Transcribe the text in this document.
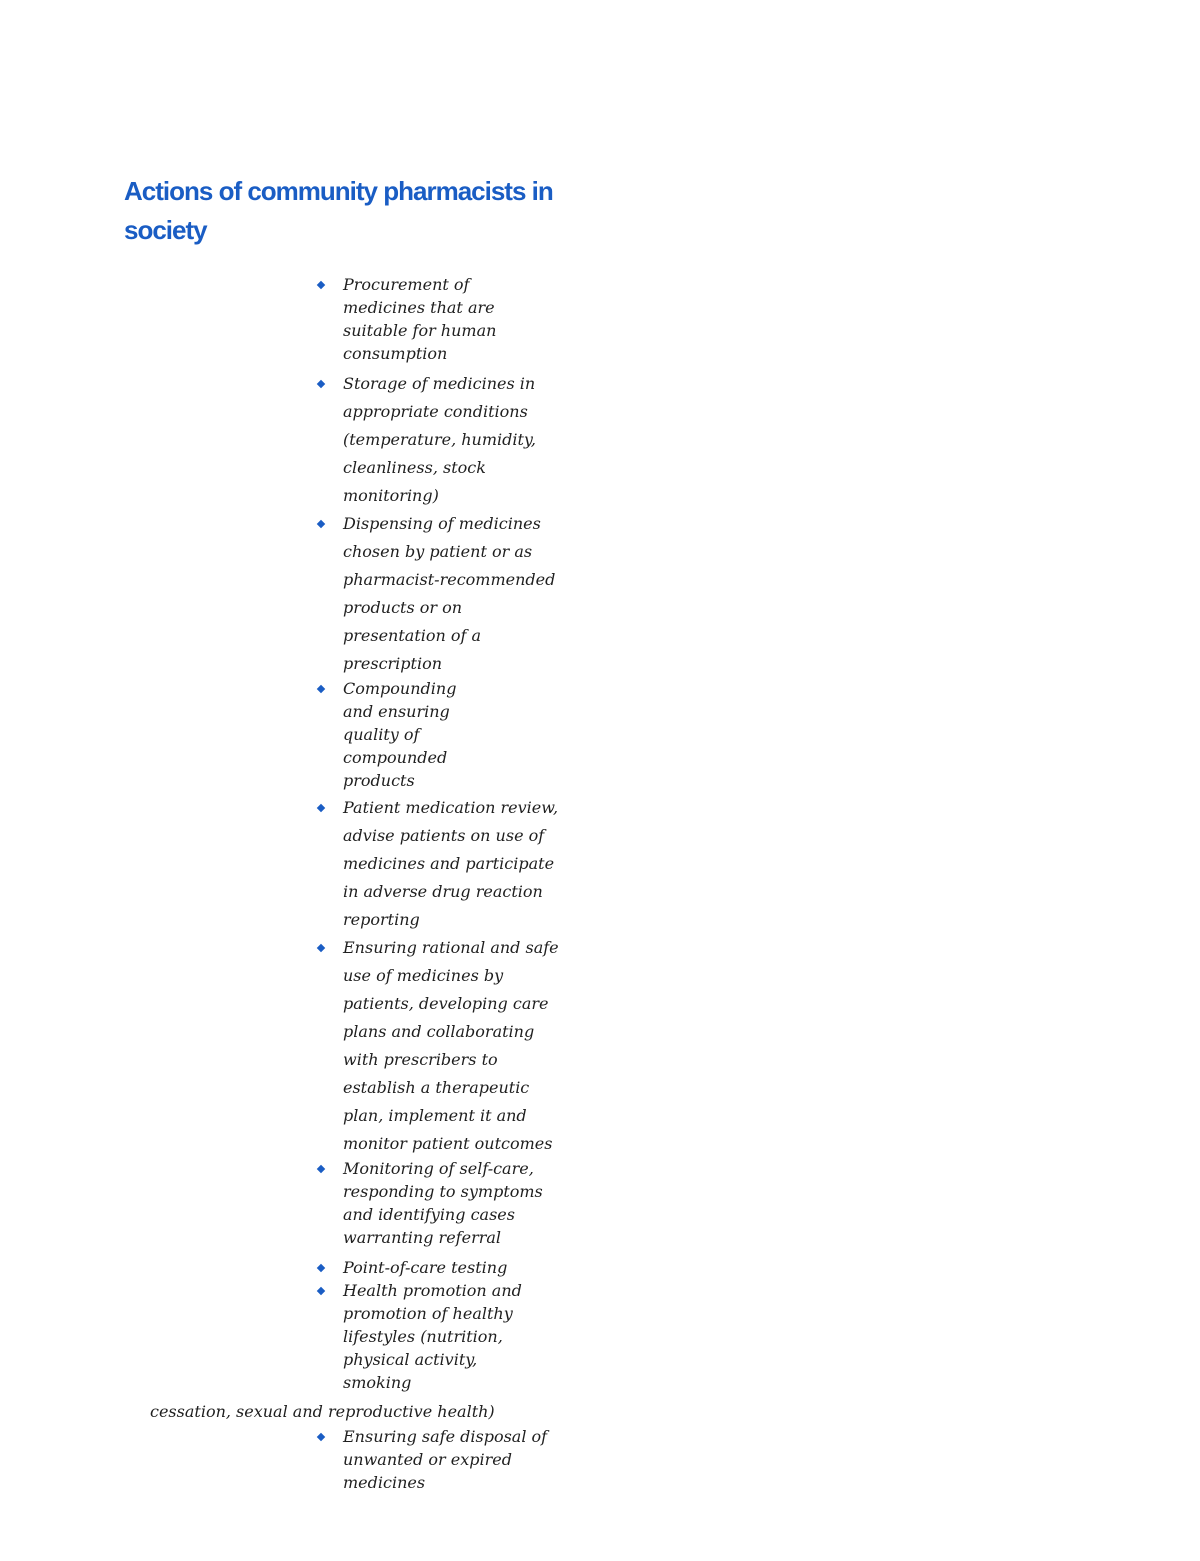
Actions of community pharmacists in
society
Procurement of
medicines that are
suitable for human
consumption
Storage of medicines in
appropriate conditions
(temperature, humidity,
cleanliness, stock
monitoring)
Dispensing of medicines
chosen by patient or as
pharmacist-recommended
products or on
presentation of a
prescription
Compounding
and ensuring
quality of
compounded
products
Patient medication review,
advise patients on use of
medicines and participate
in adverse drug reaction
reporting
Ensuring rational and safe
use of medicines by
patients, developing care
plans and collaborating
with prescribers to
establish a therapeutic
plan, implement it and
monitor patient outcomes
Monitoring of self-care,
responding to symptoms
and identifying cases
warranting referral
Point-of-care testing
Health promotion and
promotion of healthy
lifestyles (nutrition,
physical activity,
smoking
cessation, sexual and reproductive health)
Ensuring safe disposal of
unwanted or expired
medicines
